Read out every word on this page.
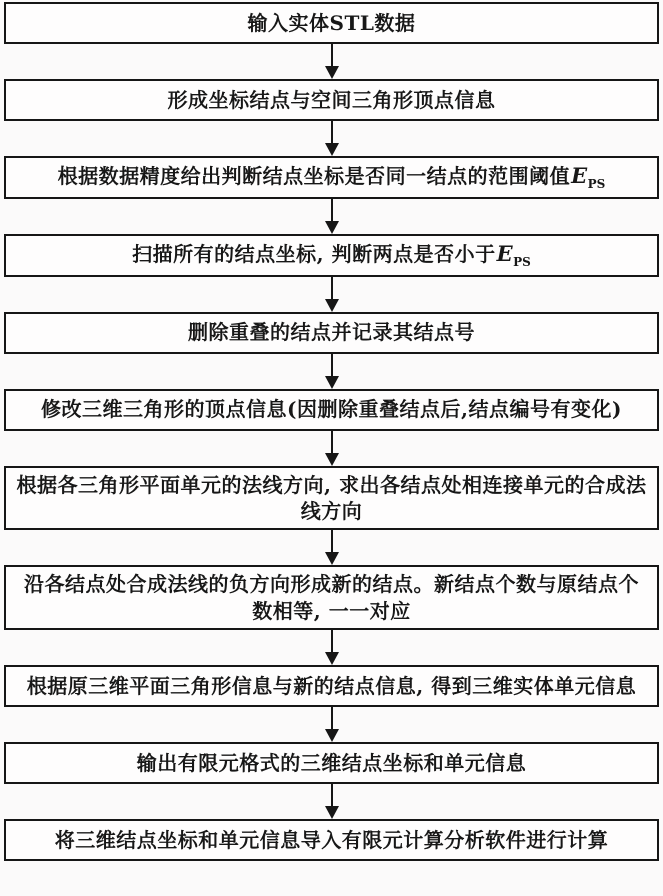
输入实体STL数据
形成坐标结点与空间三角形顶点信息
根据数据精度给出判断结点坐标是否同一结点的范围阈值$E_{PS}$
扫描所有的结点坐标, 判断两点是否小于$E_{PS}$
删除重叠的结点并记录其结点号
修改三维三角形的顶点信息(因删除重叠结点后,结点编号有变化)
根据各三角形平面单元的法线方向, 求出各结点处相连接单元的合成法线方向
沿各结点处合成法线的负方向形成新的结点。新结点个数与原结点个数相等, 一一对应
根据原三维平面三角形信息与新的结点信息, 得到三维实体单元信息
输出有限元格式的三维结点坐标和单元信息
将三维结点坐标和单元信息导入有限元计算分析软件进行计算
